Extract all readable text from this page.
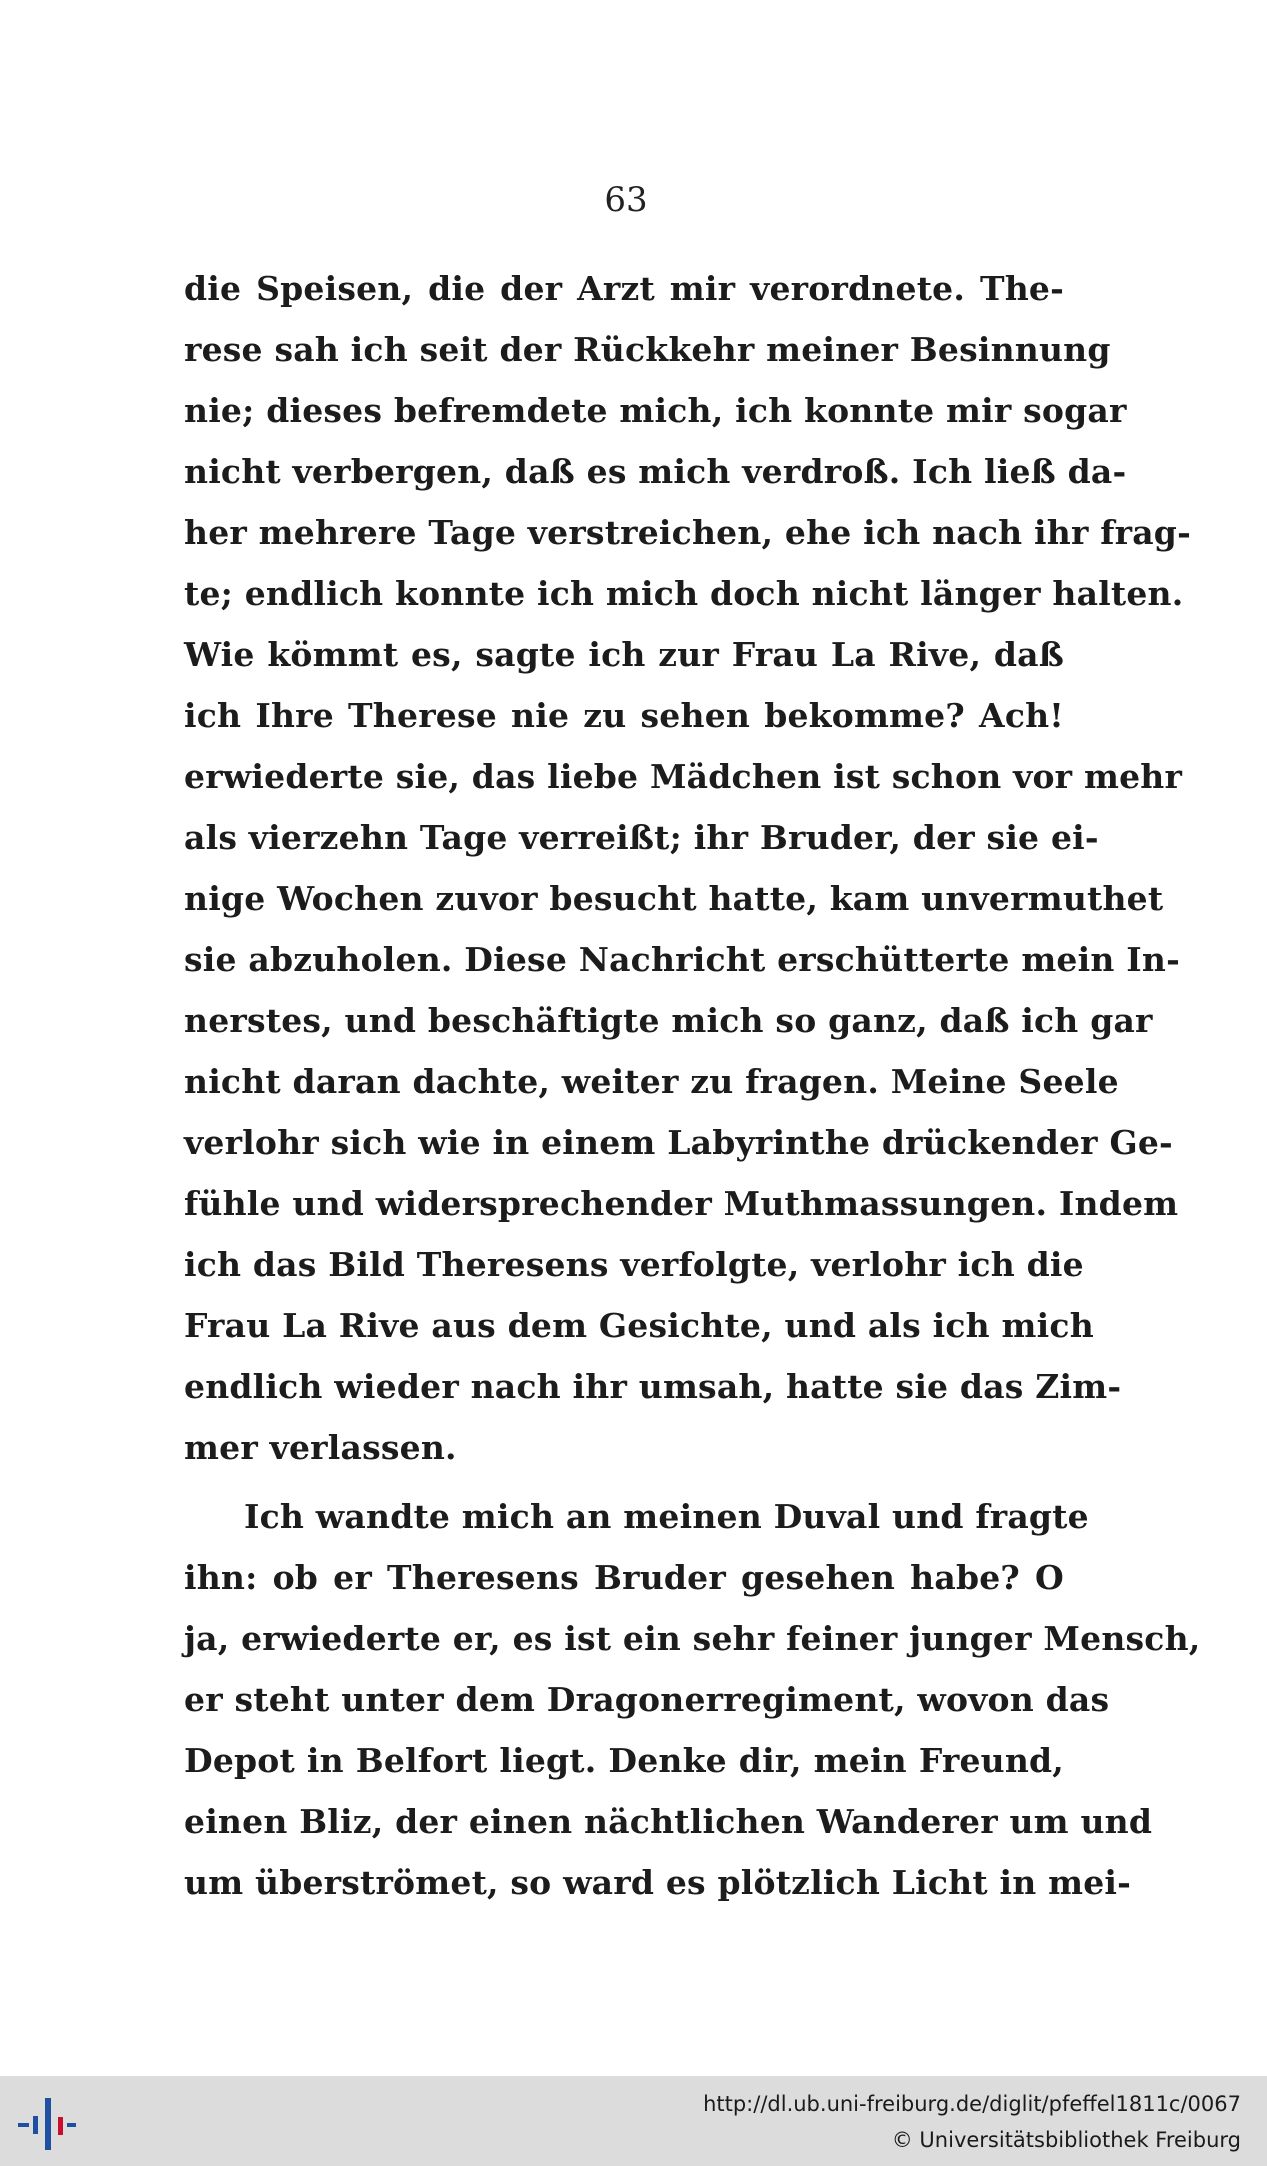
63
die Speisen, die der Arzt mir verordnete. The-
rese sah ich seit der Rückkehr meiner Besinnung
nie; dieses befremdete mich, ich konnte mir sogar
nicht verbergen, daß es mich verdroß. Ich ließ da-
her mehrere Tage verstreichen, ehe ich nach ihr frag-
te; endlich konnte ich mich doch nicht länger halten.
Wie kömmt es, sagte ich zur Frau La Rive, daß
ich Ihre Therese nie zu sehen bekomme? Ach!
erwiederte sie, das liebe Mädchen ist schon vor mehr
als vierzehn Tage verreißt; ihr Bruder, der sie ei-
nige Wochen zuvor besucht hatte, kam unvermuthet
sie abzuholen. Diese Nachricht erschütterte mein In-
nerstes, und beschäftigte mich so ganz, daß ich gar
nicht daran dachte, weiter zu fragen. Meine Seele
verlohr sich wie in einem Labyrinthe drückender Ge-
fühle und widersprechender Muthmassungen. Indem
ich das Bild Theresens verfolgte, verlohr ich die
Frau La Rive aus dem Gesichte, und als ich mich
endlich wieder nach ihr umsah, hatte sie das Zim-
mer verlassen.
Ich wandte mich an meinen Duval und fragte
ihn: ob er Theresens Bruder gesehen habe? O
ja, erwiederte er, es ist ein sehr feiner junger Mensch,
er steht unter dem Dragonerregiment, wovon das
Depot in Belfort liegt. Denke dir, mein Freund,
einen Bliz, der einen nächtlichen Wanderer um und
um überströmet, so ward es plötzlich Licht in mei-
http://dl.ub.uni-freiburg.de/diglit/pfeffel1811c/0067
© Universitätsbibliothek Freiburg
